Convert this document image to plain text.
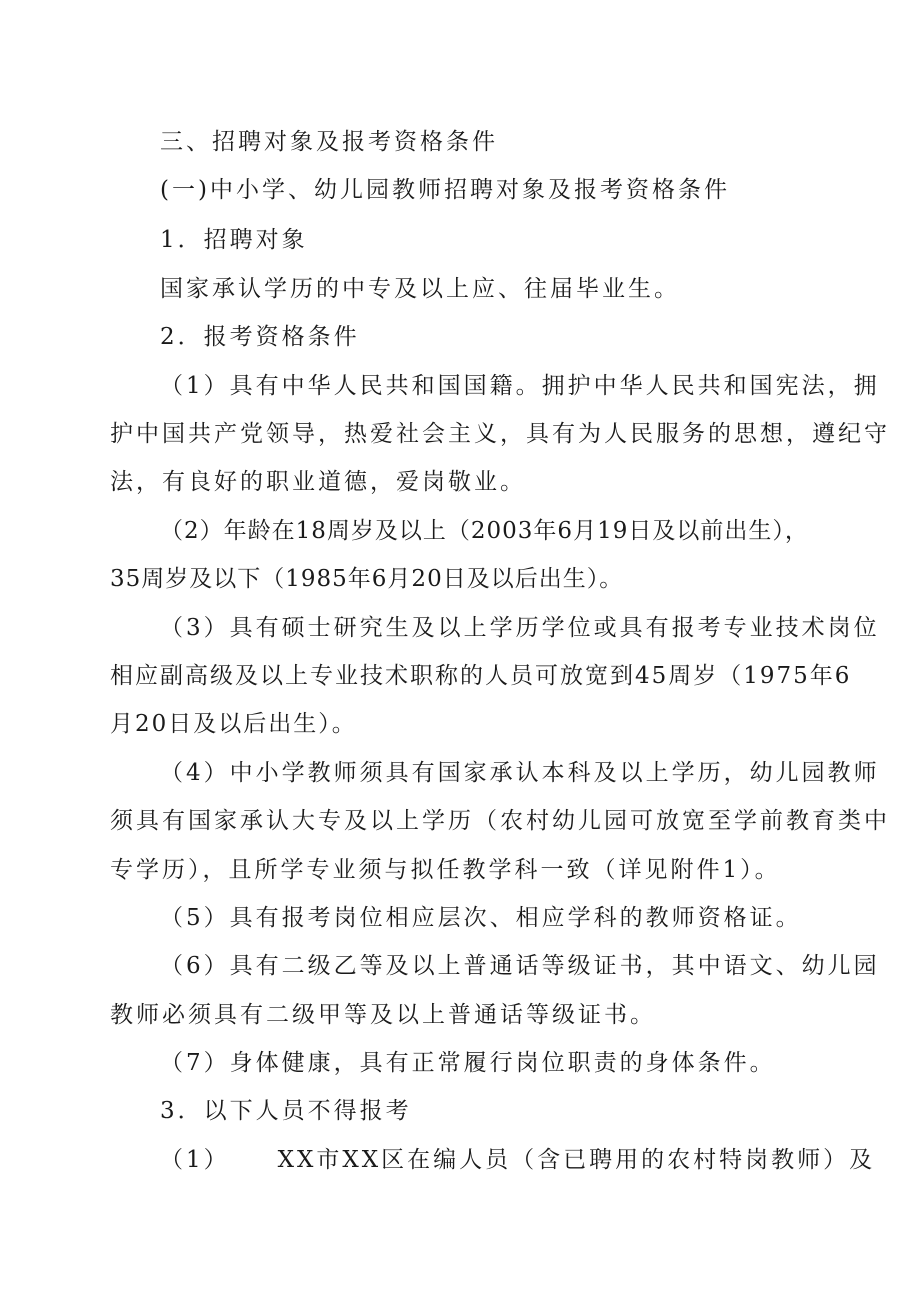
三、招聘对象及报考资格条件

(一)中小学、幼儿园教师招聘对象及报考资格条件

1．招聘对象

国家承认学历的中专及以上应、往届毕业生。

2．报考资格条件

（1）具有中华人民共和国国籍。拥护中华人民共和国宪法，拥

护中国共产党领导，热爱社会主义，具有为人民服务的思想，遵纪守

法，有良好的职业道德，爱岗敬业。

（2）年龄在18周岁及以上（2003年6月19日及以前出生），

35周岁及以下（1985年6月20日及以后出生）。

（3）具有硕士研究生及以上学历学位或具有报考专业技术岗位

相应副高级及以上专业技术职称的人员可放宽到45周岁（1975年6

月20日及以后出生）。

（4）中小学教师须具有国家承认本科及以上学历，幼儿园教师

须具有国家承认大专及以上学历（农村幼儿园可放宽至学前教育类中

专学历），且所学专业须与拟任教学科一致（详见附件1）。

（5）具有报考岗位相应层次、相应学科的教师资格证。

（6）具有二级乙等及以上普通话等级证书，其中语文、幼儿园

教师必须具有二级甲等及以上普通话等级证书。

（7）身体健康，具有正常履行岗位职责的身体条件。

3．以下人员不得报考

（1） XX市XX区在编人员（含已聘用的农村特岗教师）及
